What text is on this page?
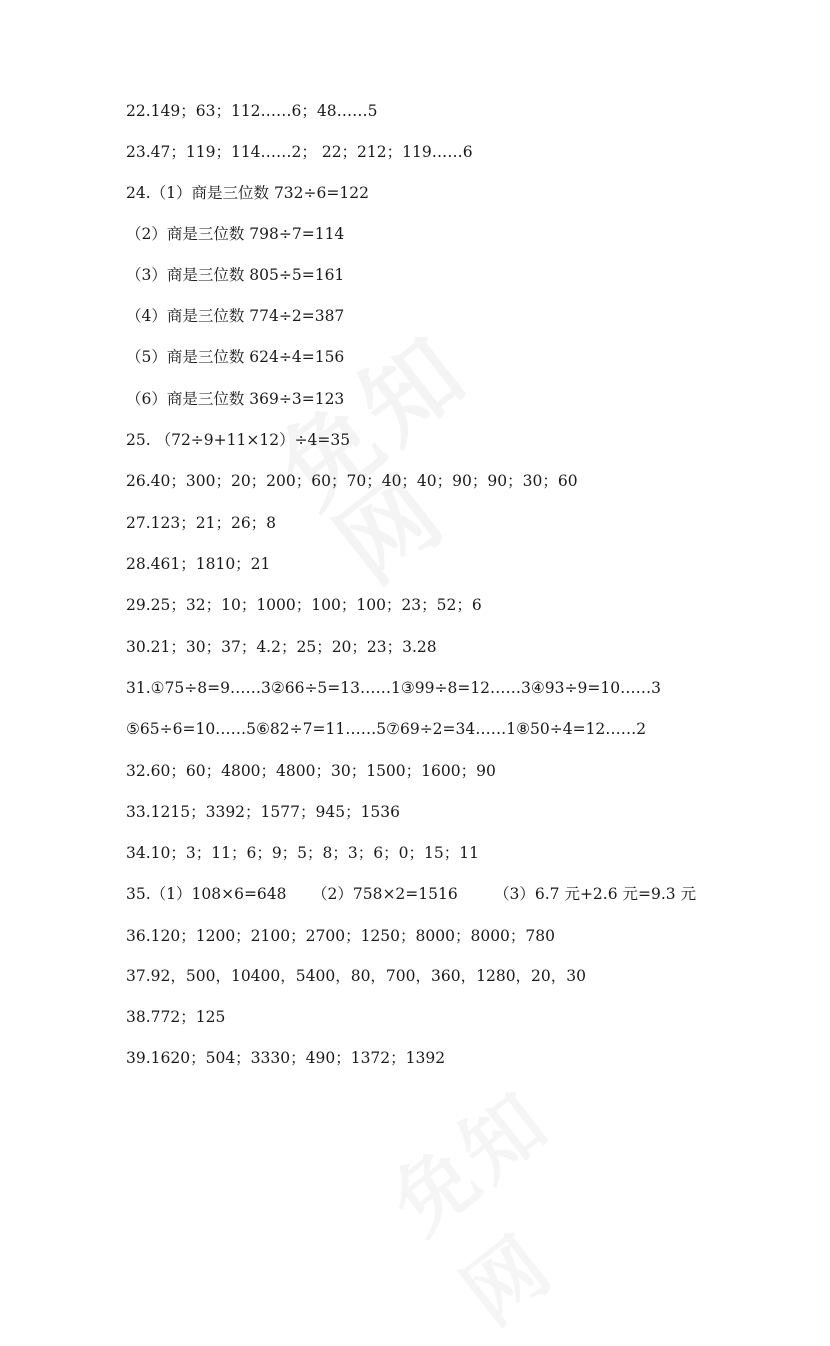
22.149；63；112……6；48……5
23.47；119；114……2； 22；212；119……6
24.（1）商是三位数 732÷6=122
（2）商是三位数 798÷7=114
（3）商是三位数 805÷5=161
（4）商是三位数 774÷2=387
（5）商是三位数 624÷4=156
（6）商是三位数 369÷3=123
25. （72÷9+11×12）÷4=35
26.40；300；20；200；60；70；40；40；90；90；30；60
27.123；21；26；8
28.461；1810；21
29.25；32；10；1000；100；100；23；52；6
30.21；30；37；4.2；25；20；23；3.28
31.①75÷8=9……3②66÷5=13……1③99÷8=12……3④93÷9=10……3
⑤65÷6=10……5⑥82÷7=11……5⑦69÷2=34……1⑧50÷4=12……2
32.60；60；4800；4800；30；1500；1600；90
33.1215；3392；1577；945；1536
34.10；3；11；6；9；5；8；3；6；0；15；11
35.（1）108×6=648 （2）758×2=1516 （3）6.7 元+2.6 元=9.3 元
36.120；1200；2100；2700；1250；8000；8000；780
37.92，500，10400，5400，80，700，360，1280，20，30
38.772；125
39.1620；504；3330；490；1372；1392
